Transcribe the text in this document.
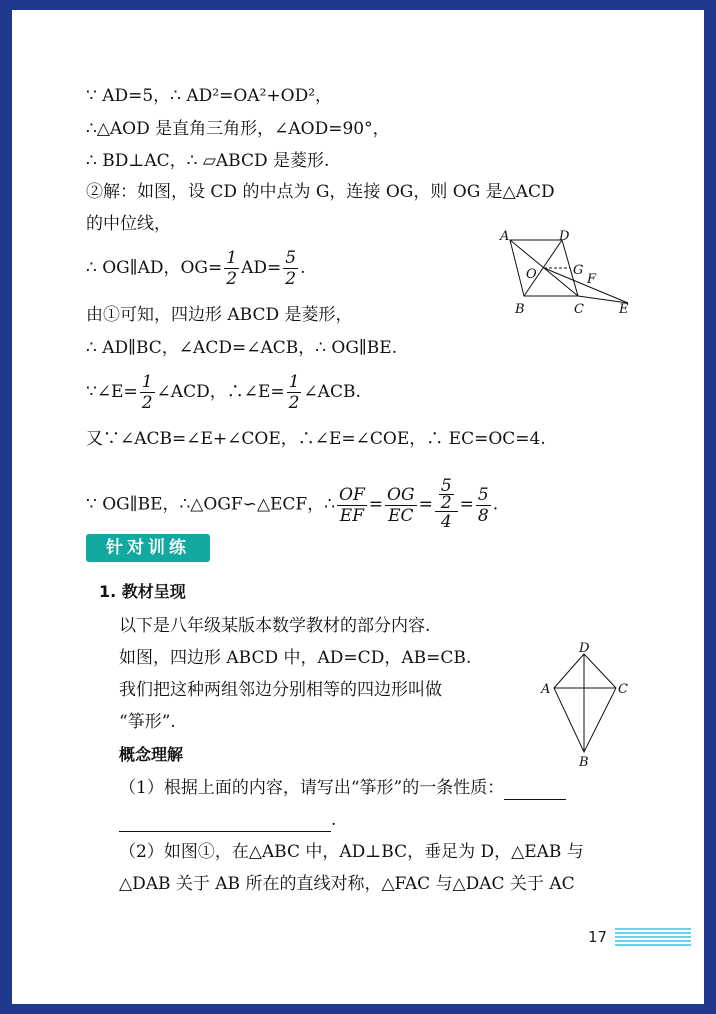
∵ AD=5，∴ AD²=OA²+OD²，
∴△AOD 是直角三角形，∠AOD=90°，
∴ BD⊥AC，∴ ▱ABCD 是菱形.
②解：如图，设 CD 的中点为 G，连接 OG，则 OG 是△ACD
的中位线，
∴ OG∥AD，$OG= \frac{1}{2} AD= \frac{5}{2}$ .
由①可知，四边形 ABCD 是菱形，
∴ AD∥BC，∠ACD=∠ACB，∴ OG∥BE.
∵∠E= $\frac{1}{2}$ ∠ACD，∴∠E= $\frac{1}{2}$ ∠ACB.
又∵∠ACB=∠E+∠COE，∴∠E=∠COE，∴ EC=OC=4.
∵ OG∥BE，∴△OGF∽△ECF，∴ $\frac{OF}{EF} = \frac{OG}{EC} = \frac{\frac{5}{2}}{4} = \frac{5}{8}$ .
A	D
O	G
F
B	C	E
针对训练
1. 教材呈现
以下是八年级某版本数学教材的部分内容.
如图，四边形 ABCD 中，AD=CD，AB=CB.
我们把这种两组邻边分别相等的四边形叫做
“筝形”.
概念理解
D
A	C
B
（1）根据上面的内容，请写出“筝形”的一条性质：
.
（2）如图①，在△ABC 中，AD⊥BC，垂足为 D，△EAB 与
△DAB 关于 AB 所在的直线对称，△FAC 与△DAC 关于 AC
17
